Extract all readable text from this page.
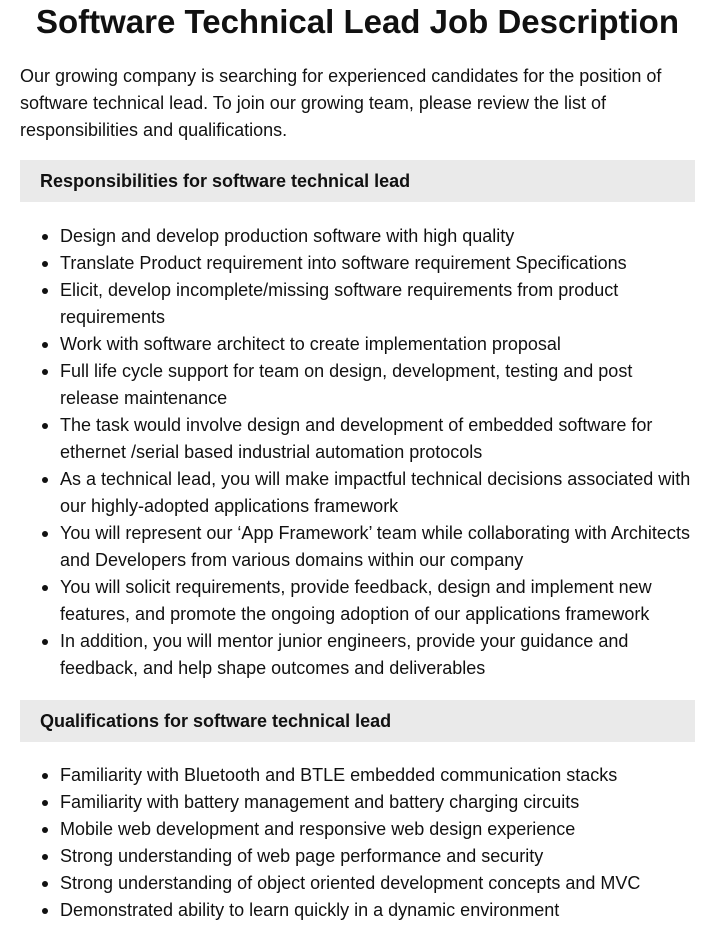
Software Technical Lead Job Description

Our growing company is searching for experienced candidates for the position of software technical lead. To join our growing team, please review the list of responsibilities and qualifications.

Responsibilities for software technical lead
Design and develop production software with high quality
Translate Product requirement into software requirement Specifications
Elicit, develop incomplete/missing software requirements from product requirements
Work with software architect to create implementation proposal
Full life cycle support for team on design, development, testing and post release maintenance
The task would involve design and development of embedded software for ethernet /serial based industrial automation protocols
As a technical lead, you will make impactful technical decisions associated with our highly-adopted applications framework
You will represent our ‘App Framework’ team while collaborating with Architects and Developers from various domains within our company
You will solicit requirements, provide feedback, design and implement new features, and promote the ongoing adoption of our applications framework
In addition, you will mentor junior engineers, provide your guidance and feedback, and help shape outcomes and deliverables
Qualifications for software technical lead
Familiarity with Bluetooth and BTLE embedded communication stacks
Familiarity with battery management and battery charging circuits
Mobile web development and responsive web design experience
Strong understanding of web page performance and security
Strong understanding of object oriented development concepts and MVC
Demonstrated ability to learn quickly in a dynamic environment
